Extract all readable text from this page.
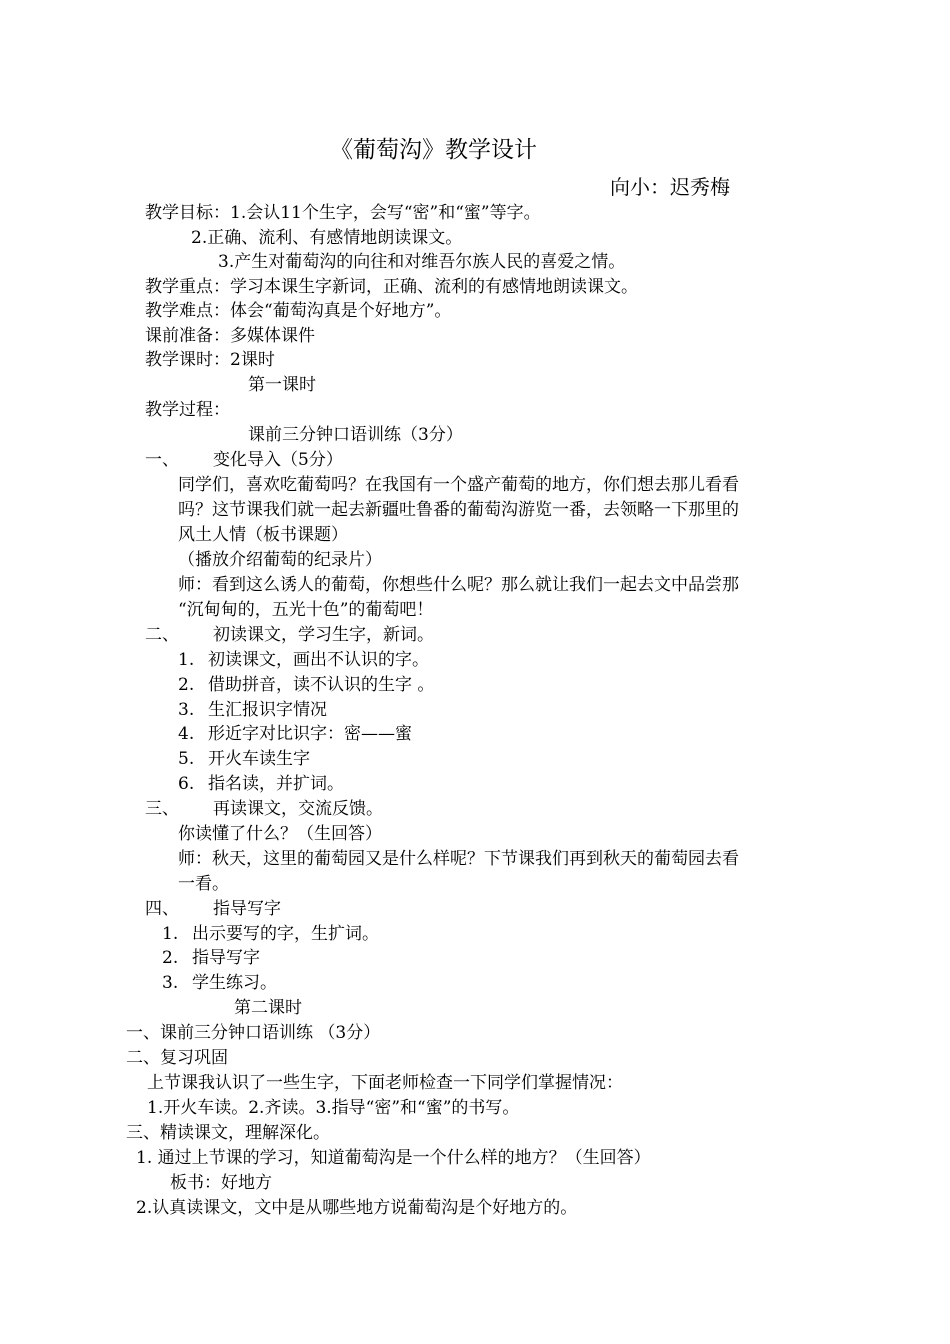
《葡萄沟》教学设计
向小：迟秀梅
教学目标：1.会认11个生字，会写“密”和“蜜”等字。
2.正确、流利、有感情地朗读课文。
3.产生对葡萄沟的向往和对维吾尔族人民的喜爱之情。
教学重点：学习本课生字新词，正确、流利的有感情地朗读课文。
教学难点：体会“葡萄沟真是个好地方”。
课前准备：多媒体课件
教学课时：2课时
第一课时
教学过程：
课前三分钟口语训练（3分）
一、 变化导入（5分）
同学们，喜欢吃葡萄吗？在我国有一个盛产葡萄的地方，你们想去那儿看看
吗？这节课我们就一起去新疆吐鲁番的葡萄沟游览一番，去领略一下那里的
风土人情（板书课题）
（播放介绍葡萄的纪录片）
师：看到这么诱人的葡萄，你想些什么呢？那么就让我们一起去文中品尝那
“沉甸甸的，五光十色”的葡萄吧！
二、 初读课文，学习生字，新词。
1. 初读课文，画出不认识的字。
2. 借助拼音，读不认识的生字 。
3. 生汇报识字情况
4. 形近字对比识字：密——蜜
5. 开火车读生字
6. 指名读，并扩词。
三、 再读课文，交流反馈。
你读懂了什么？（生回答）
师：秋天，这里的葡萄园又是什么样呢？下节课我们再到秋天的葡萄园去看
一看。
四、 指导写字
1. 出示要写的字，生扩词。
2. 指导写字
3. 学生练习。
第二课时
一、课前三分钟口语训练 （3分）
二、复习巩固
上节课我认识了一些生字，下面老师检查一下同学们掌握情况：
1.开火车读。2.齐读。3.指导“密”和“蜜”的书写。
三、精读课文，理解深化。
1. 通过上节课的学习，知道葡萄沟是一个什么样的地方？（生回答）
板书：好地方
2.认真读课文，文中是从哪些地方说葡萄沟是个好地方的。
